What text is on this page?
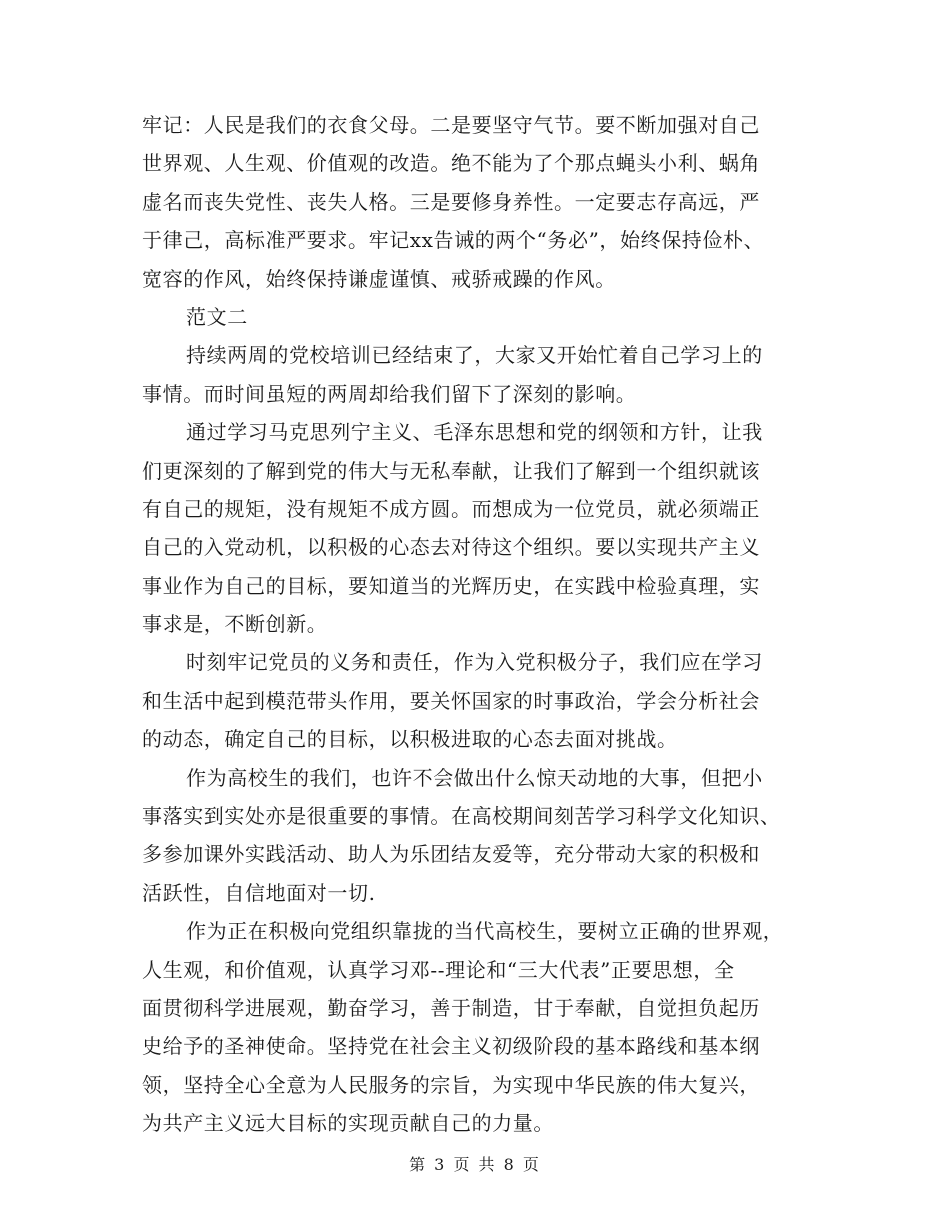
牢记：人民是我们的衣食父母。二是要坚守气节。要不断加强对自己
世界观、人生观、价值观的改造。绝不能为了个那点蝇头小利、蜗角
虚名而丧失党性、丧失人格。三是要修身养性。一定要志存高远，严
于律己，高标准严要求。牢记xx告诫的两个“务必”，始终保持俭朴、
宽容的作风，始终保持谦虚谨慎、戒骄戒躁的作风。
范文二
持续两周的党校培训已经结束了，大家又开始忙着自己学习上的
事情。而时间虽短的两周却给我们留下了深刻的影响。
通过学习马克思列宁主义、毛泽东思想和党的纲领和方针，让我
们更深刻的了解到党的伟大与无私奉献，让我们了解到一个组织就该
有自己的规矩，没有规矩不成方圆。而想成为一位党员，就必须端正
自己的入党动机，以积极的心态去对待这个组织。要以实现共产主义
事业作为自己的目标，要知道当的光辉历史，在实践中检验真理，实
事求是，不断创新。
时刻牢记党员的义务和责任，作为入党积极分子，我们应在学习
和生活中起到模范带头作用，要关怀国家的时事政治，学会分析社会
的动态，确定自己的目标，以积极进取的心态去面对挑战。
作为高校生的我们，也许不会做出什么惊天动地的大事，但把小
事落实到实处亦是很重要的事情。在高校期间刻苦学习科学文化知识、
多参加课外实践活动、助人为乐团结友爱等，充分带动大家的积极和
活跃性，自信地面对一切.
作为正在积极向党组织靠拢的当代高校生，要树立正确的世界观，
人生观，和价值观，认真学习邓--理论和“三大代表”正要思想，全
面贯彻科学进展观，勤奋学习，善于制造，甘于奉献，自觉担负起历
史给予的圣神使命。坚持党在社会主义初级阶段的基本路线和基本纲
领，坚持全心全意为人民服务的宗旨，为实现中华民族的伟大复兴，
为共产主义远大目标的实现贡献自己的力量。
第 3 页 共 8 页
